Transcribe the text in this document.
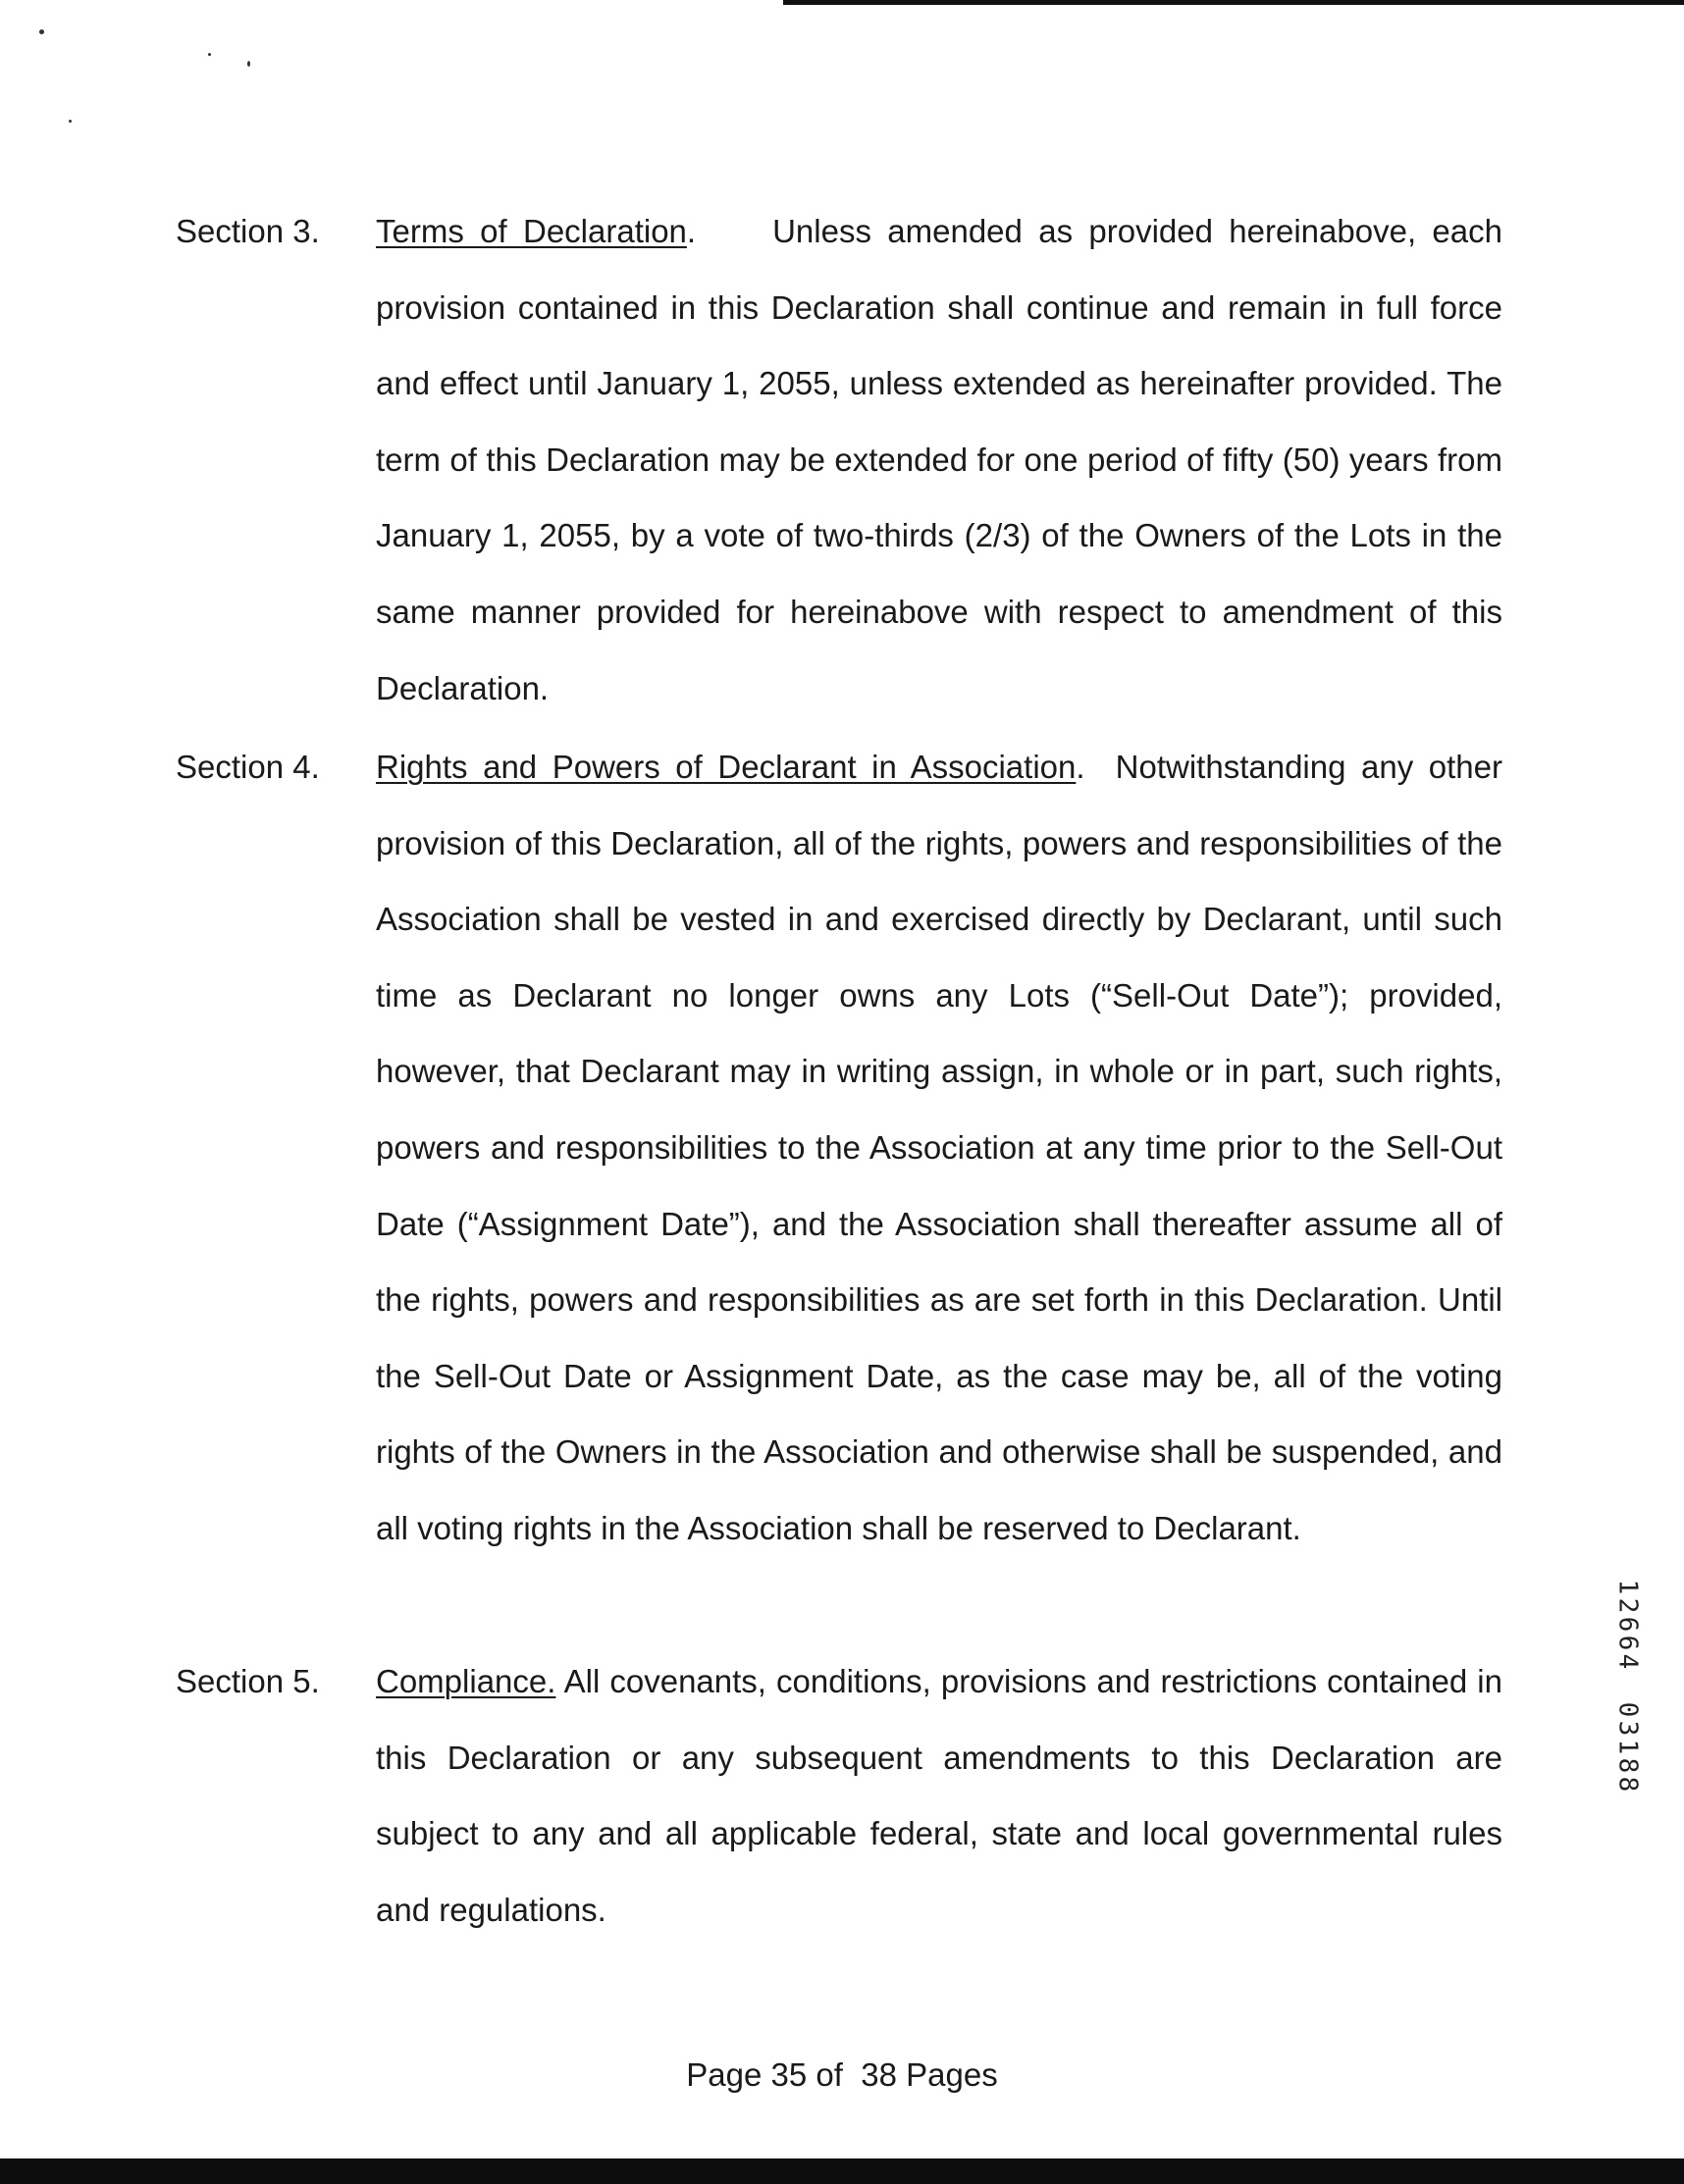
Section 3. Terms of Declaration. Unless amended as provided hereinabove, each provision contained in this Declaration shall continue and remain in full force and effect until January 1, 2055, unless extended as hereinafter provided. The term of this Declaration may be extended for one period of fifty (50) years from January 1, 2055, by a vote of two-thirds (2/3) of the Owners of the Lots in the same manner provided for hereinabove with respect to amendment of this Declaration.
Section 4. Rights and Powers of Declarant in Association. Notwithstanding any other provision of this Declaration, all of the rights, powers and responsibilities of the Association shall be vested in and exercised directly by Declarant, until such time as Declarant no longer owns any Lots (“Sell-Out Date”); provided, however, that Declarant may in writing assign, in whole or in part, such rights, powers and responsibilities to the Association at any time prior to the Sell-Out Date (“Assignment Date”), and the Association shall thereafter assume all of the rights, powers and responsibilities as are set forth in this Declaration. Until the Sell-Out Date or Assignment Date, as the case may be, all of the voting rights of the Owners in the Association and otherwise shall be suspended, and all voting rights in the Association shall be reserved to Declarant.
Section 5. Compliance. All covenants, conditions, provisions and restrictions contained in this Declaration or any subsequent amendments to this Declaration are subject to any and all applicable federal, state and local governmental rules and regulations.
Page 35 of  38 Pages
1
2
6
6
4
0
3
1
8
8
